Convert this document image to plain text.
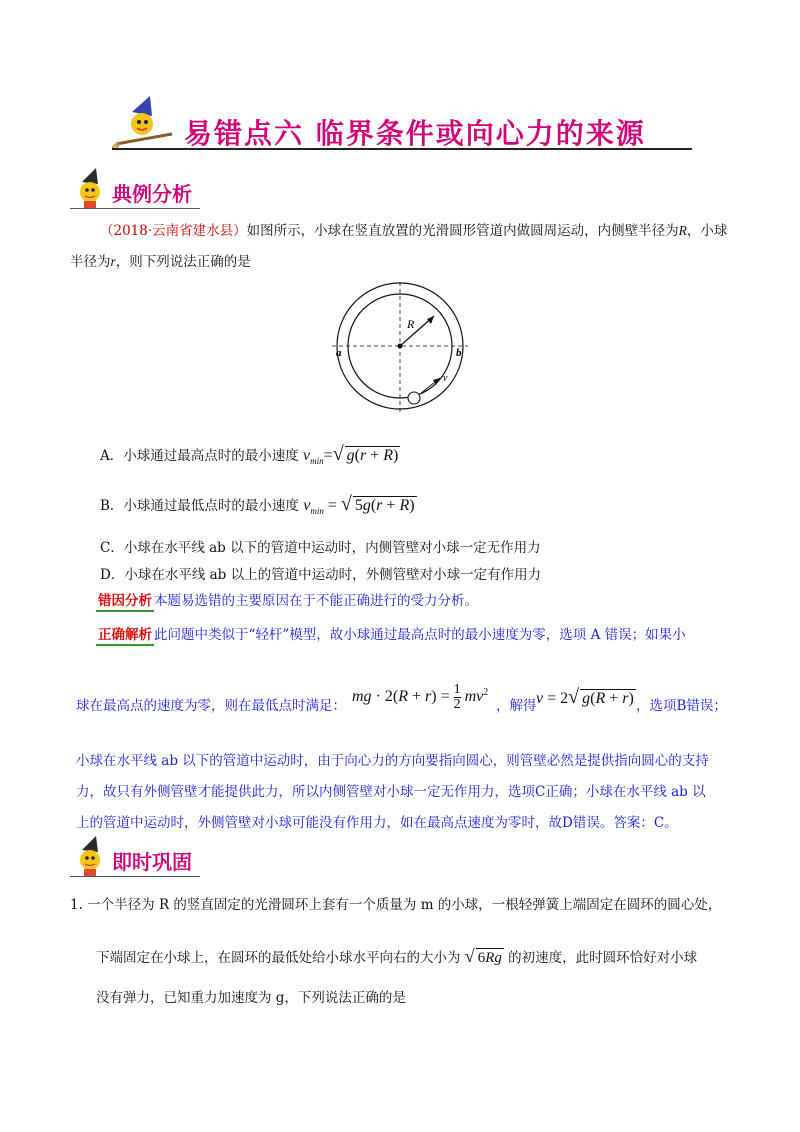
易错点六 临界条件或向心力的来源
典例分析
（2018·云南省建水县）如图所示，小球在竖直放置的光滑圆形管道内做圆周运动，内侧壁半径为R，小球
半径为r，则下列说法正确的是
R
a	b
v
A．小球通过最高点时的最小速度 $v_{min}=√$ g(r + R)
B．小球通过最低点时的最小速度 $v_{min}$ = √ 5g(r + R)
C．小球在水平线 ab 以下的管道中运动时，内侧管壁对小球一定无作用力
D．小球在水平线 ab 以上的管道中运动时，外侧管壁对小球一定有作用力
错因分析 本题易选错的主要原因在于不能正确进行的受力分析。
正确解析 此问题中类似于“轻杆”模型，故小球通过最高点时的最小速度为零，选项 A 错误；如果小
球在最高点的速度为零，则在最低点时满足：
mg · $2(R + r) = \frac{1}{2} mv^2$
，解得 v = 2√ g(R + r) ，选项B错误；
小球在水平线 ab 以下的管道中运动时，由于向心力的方向要指向圆心，则管壁必然是提供指向圆心的支持
力，故只有外侧管壁才能提供此力，所以内侧管壁对小球一定无作用力，选项C正确；小球在水平线 ab 以
上的管道中运动时，外侧管壁对小球可能没有作用力，如在最高点速度为零时，故D错误。答案：C。
即时巩固
1. 一个半径为 R 的竖直固定的光滑圆环上套有一个质量为 m 的小球，一根轻弹簧上端固定在圆环的圆心处，
下端固定在小球上，在圆环的最低处给小球水平向右的大小为 √ 6Rg 的初速度，此时圆环恰好对小球
没有弹力，已知重力加速度为 g，下列说法正确的是
